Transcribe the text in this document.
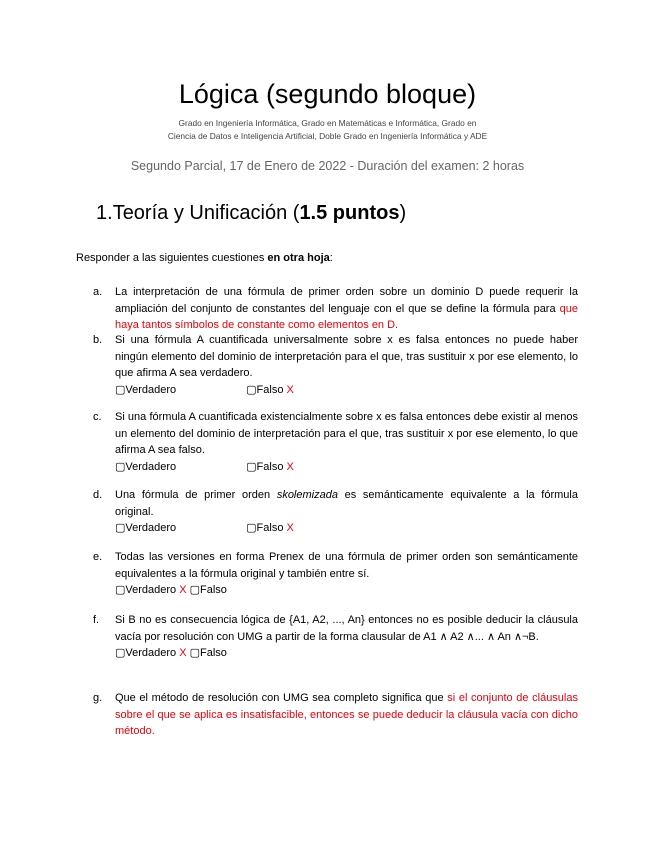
Lógica (segundo bloque)
Grado en Ingeniería Informática, Grado en Matemáticas e Informática, Grado en
Ciencia de Datos e Inteligencia Artificial, Doble Grado en Ingeniería Informática y ADE
Segundo Parcial, 17 de Enero de 2022 - Duración del examen: 2 horas
1.Teoría y Unificación (1.5 puntos)
Responder a las siguientes cuestiones en otra hoja:
a.	La interpretación de una fórmula de primer orden sobre un dominio D puede requerir la ampliación del conjunto de constantes del lenguaje con el que se define la fórmula para que haya tantos símbolos de constante como elementos en D.
b.	Si una fórmula A cuantificada universalmente sobre x es falsa entonces no puede haber ningún elemento del dominio de interpretación para el que, tras sustituir x por ese elemento, lo que afirma A sea verdadero.
▢Verdadero	▢Falso X
c.	Si una fórmula A cuantificada existencialmente sobre x es falsa entonces debe existir al menos un elemento del dominio de interpretación para el que, tras sustituir x por ese elemento, lo que afirma A sea falso.
▢Verdadero	▢Falso X
d.	Una fórmula de primer orden skolemizada es semánticamente equivalente a la fórmula original.
▢Verdadero	▢Falso X
e.	Todas las versiones en forma Prenex de una fórmula de primer orden son semánticamente equivalentes a la fórmula original y también entre sí.
▢Verdadero X ▢Falso
f.	Si B no es consecuencia lógica de {A1, A2, ..., An} entonces no es posible deducir la cláusula vacía por resolución con UMG a partir de la forma clausular de A1 ∧ A2 ∧... ∧ An ∧¬B.
▢Verdadero X ▢Falso
g.	Que el método de resolución con UMG sea completo significa que si el conjunto de cláusulas sobre el que se aplica es insatisfacible, entonces se puede deducir la cláusula vacía con dicho método.
